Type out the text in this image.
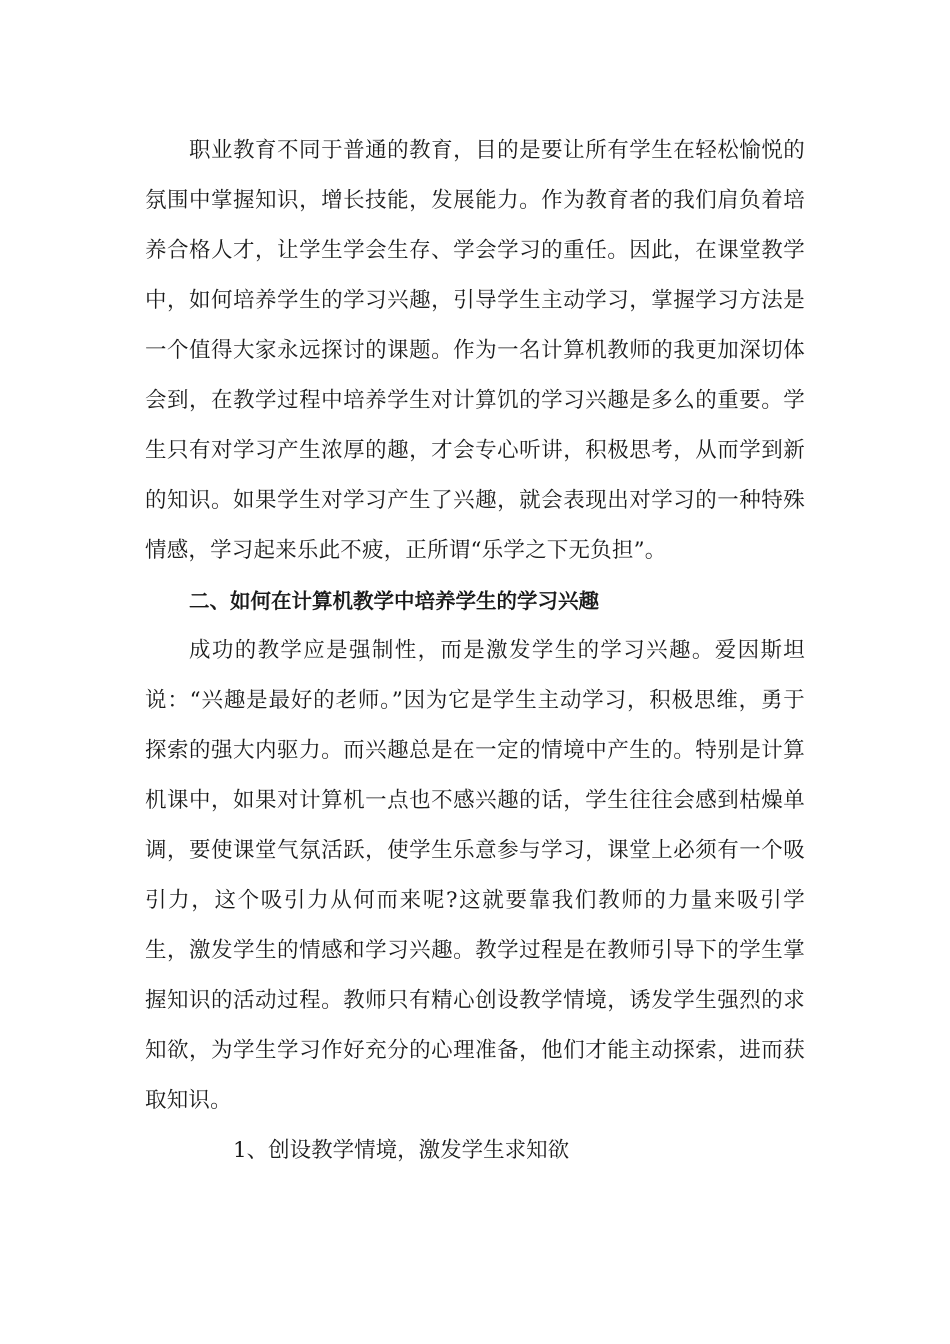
职业教育不同于普通的教育，目的是要让所有学生在轻松愉悦的氛围中掌握知识，增长技能，发展能力。作为教育者的我们肩负着培养合格人才，让学生学会生存、学会学习的重任。因此，在课堂教学中，如何培养学生的学习兴趣，引导学生主动学习，掌握学习方法是一个值得大家永远探讨的课题。作为一名计算机教师的我更加深切体会到，在教学过程中培养学生对计算饥的学习兴趣是多么的重要。学生只有对学习产生浓厚的趣，才会专心听讲，积极思考，从而学到新的知识。如果学生对学习产生了兴趣，就会表现出对学习的一种特殊情感，学习起来乐此不疲，正所谓“乐学之下无负担”。

二、如何在计算机教学中培养学生的学习兴趣

成功的教学应是强制性，而是激发学生的学习兴趣。爱因斯坦说：“兴趣是最好的老师。”因为它是学生主动学习，积极思维，勇于探索的强大内驱力。而兴趣总是在一定的情境中产生的。特别是计算机课中，如果对计算机一点也不感兴趣的话，学生往往会感到枯燥单调，要使课堂气氛活跃，使学生乐意参与学习，课堂上必须有一个吸引力，这个吸引力从何而来呢?这就要靠我们教师的力量来吸引学生，激发学生的情感和学习兴趣。教学过程是在教师引导下的学生掌握知识的活动过程。教师只有精心创设教学情境，诱发学生强烈的求知欲，为学生学习作好充分的心理准备，他们才能主动探索，进而获取知识。

1、创设教学情境，激发学生求知欲
